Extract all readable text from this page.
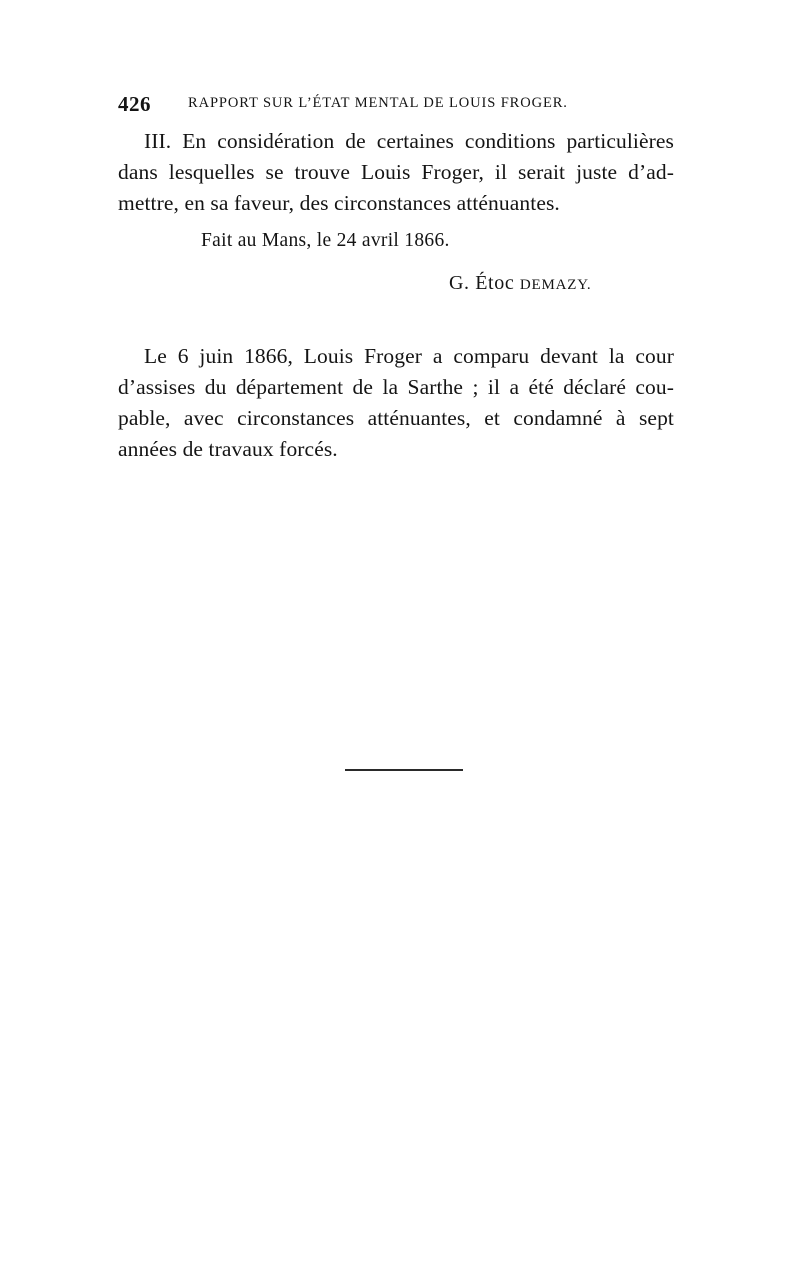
426	RAPPORT SUR L’ÉTAT MENTAL DE LOUIS FROGER.
III. En considération de certaines conditions particulières
dans lesquelles se trouve Louis Froger, il serait juste d’ad-
mettre, en sa faveur, des circonstances atténuantes.
Fait au Mans, le 24 avril 1866.
G. Étoc DEMAZY.
Le 6 juin 1866, Louis Froger a comparu devant la cour
d’assises du département de la Sarthe ; il a été déclaré cou-
pable, avec circonstances atténuantes, et condamné à sept
années de travaux forcés.
